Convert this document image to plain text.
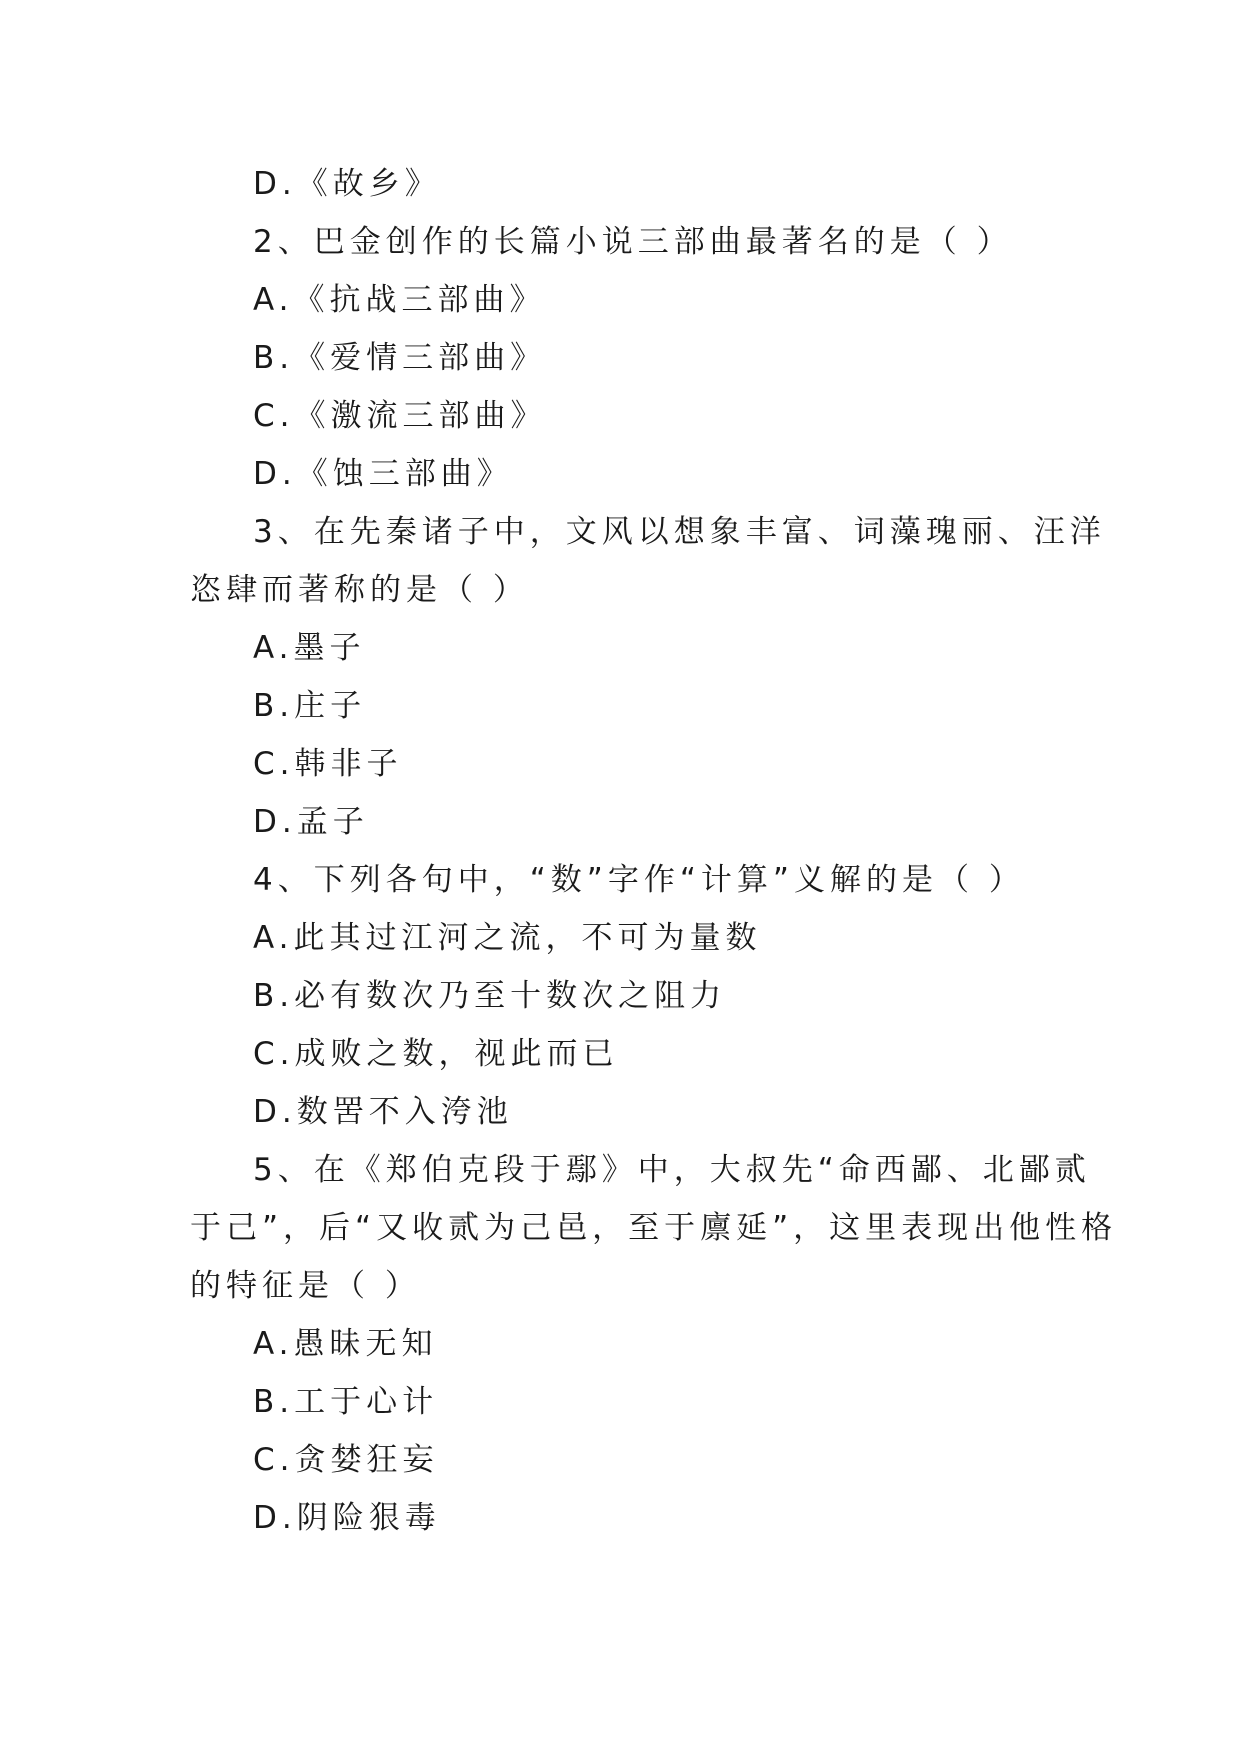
D.《故乡》
2、巴金创作的长篇小说三部曲最著名的是（ ）
A.《抗战三部曲》
B.《爱情三部曲》
C.《激流三部曲》
D.《蚀三部曲》
3、在先秦诸子中，文风以想象丰富、词藻瑰丽、汪洋
恣肆而著称的是（ ）
A.墨子
B.庄子
C.韩非子
D.孟子
4、下列各句中，“数”字作“计算”义解的是（ ）
A.此其过江河之流，不可为量数
B.必有数次乃至十数次之阻力
C.成败之数，视此而已
D.数罟不入洿池
5、在《郑伯克段于鄢》中，大叔先“命西鄙、北鄙贰
于己”，后“又收贰为己邑，至于廪延”，这里表现出他性格
的特征是（ ）
A.愚昧无知
B.工于心计
C.贪婪狂妄
D.阴险狠毒
